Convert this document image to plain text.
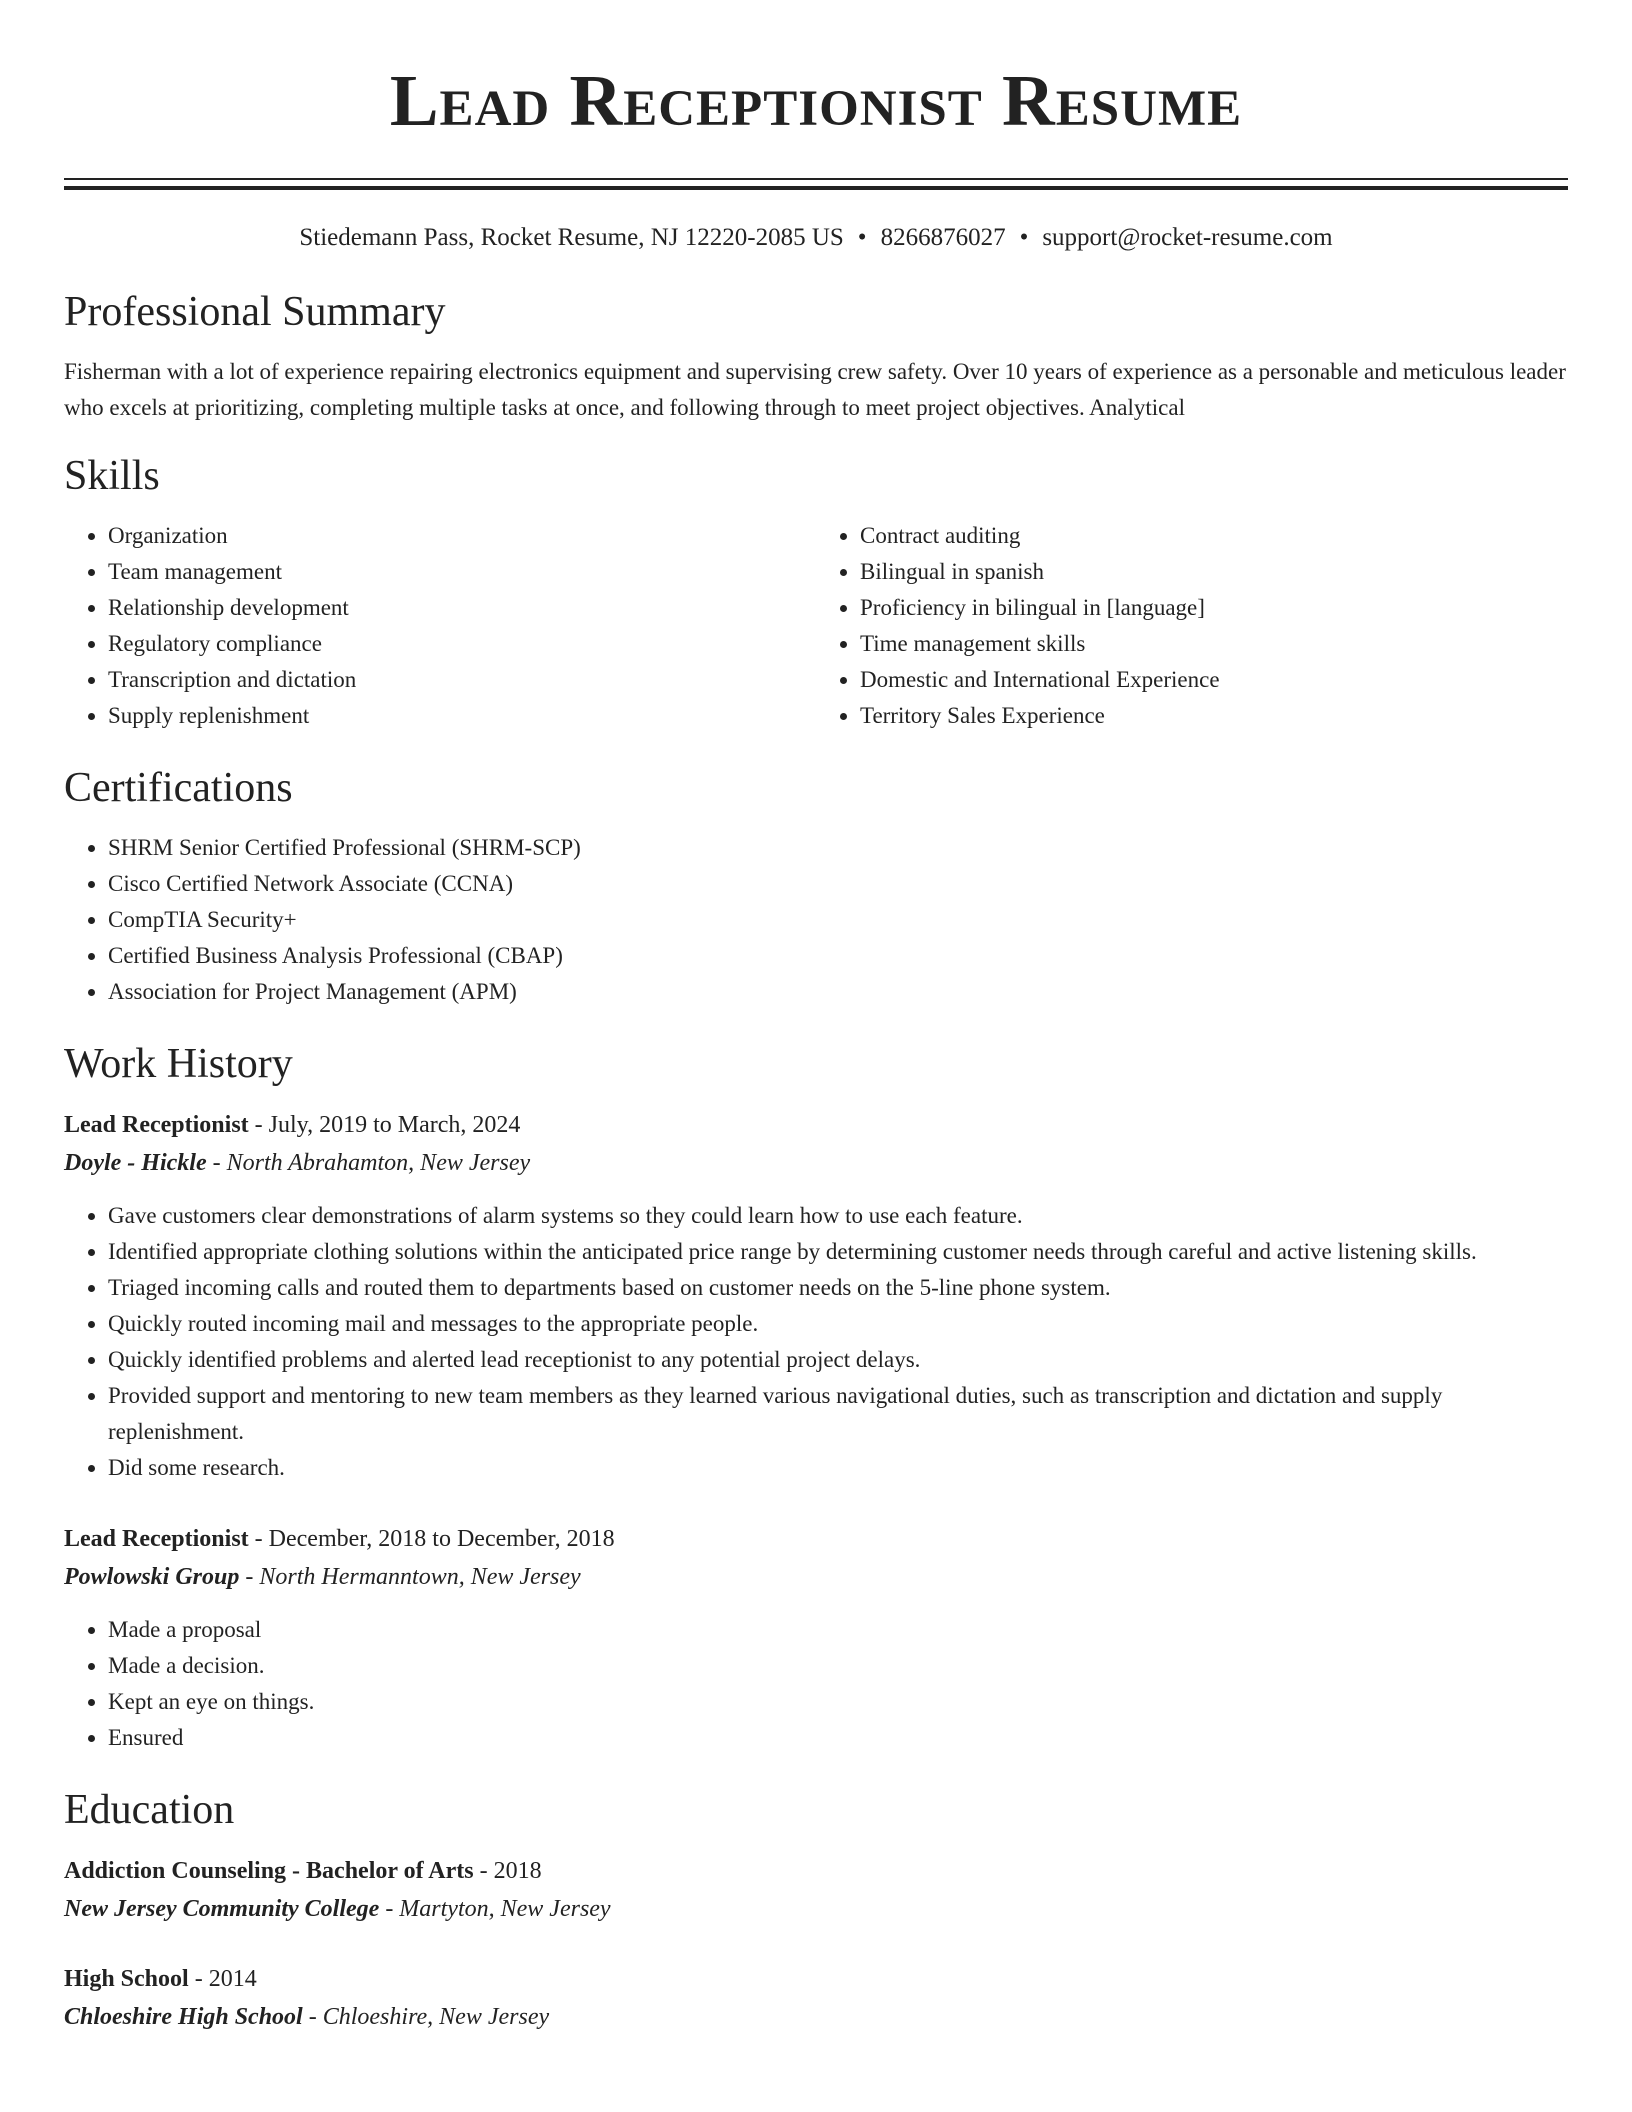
Lead Receptionist Resume
Stiedemann Pass, Rocket Resume, NJ 12220-2085 US • 8266876027 • support@rocket-resume.com
Professional Summary
Fisherman with a lot of experience repairing electronics equipment and supervising crew safety. Over 10 years of experience as a personable and meticulous leader who excels at prioritizing, completing multiple tasks at once, and following through to meet project objectives. Analytical
Skills
• Organization
• Team management
• Relationship development
• Regulatory compliance
• Transcription and dictation
• Supply replenishment
• Contract auditing
• Bilingual in spanish
• Proficiency in bilingual in [language]
• Time management skills
• Domestic and International Experience
• Territory Sales Experience
Certifications
• SHRM Senior Certified Professional (SHRM-SCP)
• Cisco Certified Network Associate (CCNA)
• CompTIA Security+
• Certified Business Analysis Professional (CBAP)
• Association for Project Management (APM)
Work History
Lead Receptionist - July, 2019 to March, 2024
Doyle - Hickle - North Abrahamton, New Jersey
• Gave customers clear demonstrations of alarm systems so they could learn how to use each feature.
• Identified appropriate clothing solutions within the anticipated price range by determining customer needs through careful and active listening skills.
• Triaged incoming calls and routed them to departments based on customer needs on the 5-line phone system.
• Quickly routed incoming mail and messages to the appropriate people.
• Quickly identified problems and alerted lead receptionist to any potential project delays.
• Provided support and mentoring to new team members as they learned various navigational duties, such as transcription and dictation and supply replenishment.
• Did some research.
Lead Receptionist - December, 2018 to December, 2018
Powlowski Group - North Hermanntown, New Jersey
• Made a proposal
• Made a decision.
• Kept an eye on things.
• Ensured
Education
Addiction Counseling - Bachelor of Arts - 2018
New Jersey Community College - Martyton, New Jersey
High School - 2014
Chloeshire High School - Chloeshire, New Jersey
